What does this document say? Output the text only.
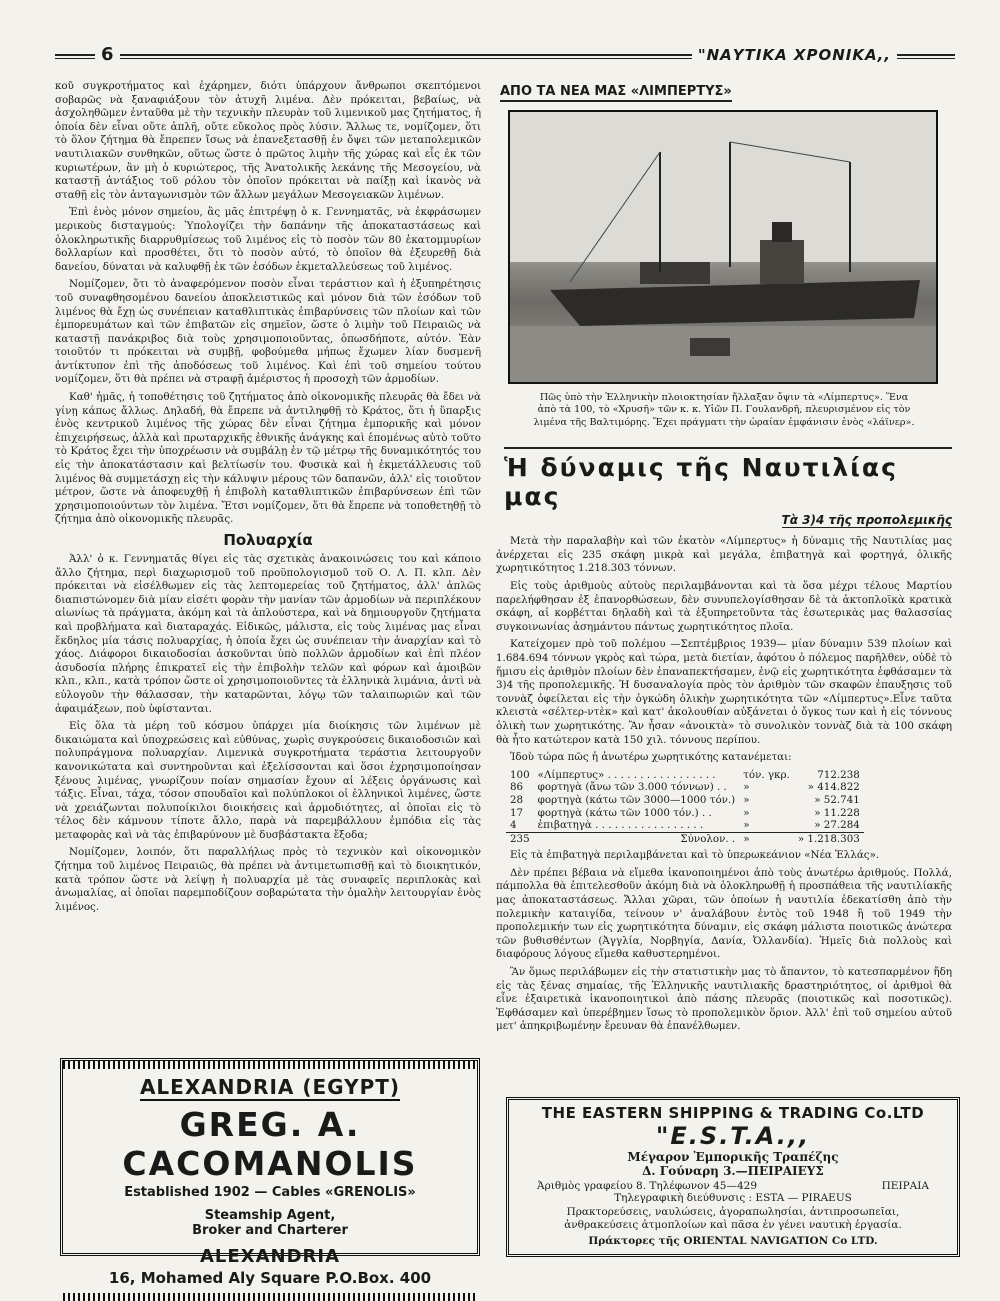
6	"ΝΑΥΤΙΚΑ ΧΡΟΝΙΚΑ,,

κοῦ συγκροτήματος καὶ ἐχάρημεν, διότι ὑπάρχουν ἄνθρωποι σκεπτόμενοι σοβαρῶς νὰ ξαναφιάξουν τὸν ἀτυχῆ λιμένα. Δὲν πρόκειται, βεβαίως, νὰ ἀσχοληθῶμεν ἐνταῦθα μὲ τὴν τεχνικὴν πλευρὰν τοῦ λιμενικοῦ μας ζητήματος, ἡ ὁποία δὲν εἶναι οὔτε ἁπλῆ, οὔτε εὔκολος πρὸς λύσιν. Ἄλλως τε, νομίζομεν, ὅτι τὸ ὅλον ζήτημα θὰ ἔπρεπεν ἴσως νὰ ἐπανεξετασθῇ ἐν ὄψει τῶν μεταπολεμικῶν ναυτιλιακῶν συνθηκῶν, οὕτως ὥστε ὁ πρῶτος λιμὴν τῆς χώρας καὶ εἷς ἐκ τῶν κυριωτέρων, ἂν μὴ ὁ κυριώτερος, τῆς Ἀνατολικῆς λεκάνης τῆς Μεσογείου, νὰ καταστῇ ἀντάξιος τοῦ ρόλου τὸν ὁποῖον πρόκειται νὰ παίξῃ καὶ ἱκανὸς νὰ σταθῇ εἰς τὸν ἀνταγωνισμὸν τῶν ἄλλων μεγάλων Μεσογειακῶν λιμένων.

Ἐπὶ ἑνὸς μόνον σημείου, ἂς μᾶς ἐπιτρέψῃ ὁ κ. Γεννηματᾶς, νὰ ἐκφράσωμεν μερικοὺς δισταγμούς: Ὑπολογίζει τὴν δαπάνην τῆς ἀποκαταστάσεως καὶ ὁλοκληρωτικῆς διαρρυθμίσεως τοῦ λιμένος εἰς τὸ ποσὸν τῶν 80 ἑκατομμυρίων δολλαρίων καὶ προσθέτει, ὅτι τὸ ποσὸν αὐτό, τὸ ὁποῖον θὰ ἐξευρεθῇ διὰ δανείου, δύναται νὰ καλυφθῇ ἐκ τῶν ἐσόδων ἐκμεταλλεύσεως τοῦ λιμένος.

Νομίζομεν, ὅτι τὸ ἀναφερόμενον ποσὸν εἶναι τεράστιον καὶ ἡ ἐξυπηρέτησις τοῦ συναφθησομένου δανείου ἀποκλειστικῶς καὶ μόνον διὰ τῶν ἐσόδων τοῦ λιμένος θὰ ἔχῃ ὡς συνέπειαν καταθλιπτικὰς ἐπιβαρύνσεις τῶν πλοίων καὶ τῶν ἐμπορευμάτων καὶ τῶν ἐπιβατῶν εἰς σημεῖον, ὥστε ὁ λιμὴν τοῦ Πειραιῶς νὰ καταστῇ πανάκριβος διὰ τοὺς χρησιμοποιοῦντας, ὁπωσδήποτε, αὐτόν. Ἐὰν τοιοῦτόν τι πρόκειται νὰ συμβῇ, φοβούμεθα μήπως ἔχωμεν λίαν δυσμενῆ ἀντίκτυπον ἐπὶ τῆς ἀποδόσεως τοῦ λιμένος. Καὶ ἐπὶ τοῦ σημείου τούτου νομίζομεν, ὅτι θὰ πρέπει νὰ στραφῇ ἀμέριστος ἡ προσοχὴ τῶν ἁρμοδίων.

Καθ' ἡμᾶς, ἡ τοποθέτησις τοῦ ζητήματος ἀπὸ οἰκονομικῆς πλευρᾶς θὰ ἔδει νὰ γίνῃ κάπως ἄλλως. Δηλαδή, θὰ ἔπρεπε νὰ ἀντιληφθῇ τὸ Κράτος, ὅτι ἡ ὕπαρξις ἑνὸς κεντρικοῦ λιμένος τῆς χώρας δὲν εἶναι ζήτημα ἐμπορικῆς καὶ μόνον ἐπιχειρήσεως, ἀλλὰ καὶ πρωταρχικῆς ἐθνικῆς ἀνάγκης καὶ ἑπομένως αὐτὸ τοῦτο τὸ Κράτος ἔχει τὴν ὑποχρέωσιν νὰ συμβάλῃ ἐν τῷ μέτρῳ τῆς δυναμικότητός του εἰς τὴν ἀποκατάστασιν καὶ βελτίωσίν του. Φυσικὰ καὶ ἡ ἐκμετάλλευσις τοῦ λιμένος θὰ συμμετάσχῃ εἰς τὴν κάλυψιν μέρους τῶν δαπανῶν, ἀλλ' εἰς τοιοῦτον μέτρον, ὥστε νὰ ἀποφευχθῇ ἡ ἐπιβολὴ καταθλιπτικῶν ἐπιβαρύνσεων ἐπὶ τῶν χρησιμοποιούντων τὸν λιμένα. Ἔτσι νομίζομεν, ὅτι θὰ ἔπρεπε νὰ τοποθετηθῇ τὸ ζήτημα ἀπὸ οἰκονομικῆς πλευρᾶς.

Πολυαρχία

Ἀλλ' ὁ κ. Γεννηματᾶς θίγει εἰς τὰς σχετικὰς ἀνακοινώσεις του καὶ κάποιο ἄλλο ζήτημα, περὶ διαχωρισμοῦ τοῦ προϋπολογισμοῦ τοῦ Ο. Λ. Π. κλπ. Δὲν πρόκειται νὰ εἰσέλθωμεν εἰς τὰς λεπτομερείας τοῦ ζητήματος, ἀλλ' ἁπλῶς διαπιστώνομεν διὰ μίαν εἰσέτι φορὰν τὴν μανίαν τῶν ἁρμοδίων νὰ περιπλέκουν αἰωνίως τὰ πράγματα, ἀκόμη καὶ τὰ ἁπλούστερα, καὶ νὰ δημιουργοῦν ζητήματα καὶ προβλήματα καὶ διαταραχάς. Εἰδικῶς, μάλιστα, εἰς τοὺς λιμένας μας εἶναι ἔκδηλος μία τάσις πολυαρχίας, ἡ ὁποία ἔχει ὡς συνέπειαν τὴν ἀναρχίαν καὶ τὸ χάος. Διάφοροι δικαιοδοσίαι ἀσκοῦνται ὑπὸ πολλῶν ἁρμοδίων καὶ ἐπὶ πλέον ἀσυδοσία πλήρης ἐπικρατεῖ εἰς τὴν ἐπιβολὴν τελῶν καὶ φόρων καὶ ἀμοιβῶν κλπ., κλπ., κατὰ τρόπον ὥστε οἱ χρησιμοποιοῦντες τὰ ἑλληνικὰ λιμάνια, ἀντὶ νὰ εὐλογοῦν τὴν θάλασσαν, τὴν καταρῶνται, λόγῳ τῶν ταλαιπωριῶν καὶ τῶν ἀφαιμάξεων, ποὺ ὑφίστανται.

Εἰς ὅλα τὰ μέρη τοῦ κόσμου ὑπάρχει μία διοίκησις τῶν λιμένων μὲ δικαιώματα καὶ ὑποχρεώσεις καὶ εὐθύνας, χωρὶς συγκρούσεις δικαιοδοσιῶν καὶ πολυπράγμονα πολυαρχίαν. Λιμενικὰ συγκροτήματα τεράστια λειτουργοῦν κανονικώτατα καὶ συντηροῦνται καὶ ἐξελίσσονται καὶ ὅσοι ἐχρησιμοποίησαν ξένους λιμένας, γνωρίζουν ποίαν σημασίαν ἔχουν αἱ λέξεις ὀργάνωσις καὶ τάξις. Εἶναι, τάχα, τόσον σπουδαῖοι καὶ πολύπλοκοι οἱ ἑλληνικοὶ λιμένες, ὥστε νὰ χρειάζωνται πολυποίκιλοι διοικήσεις καὶ ἁρμοδιότητες, αἱ ὁποῖαι εἰς τὸ τέλος δὲν κάμνουν τίποτε ἄλλο, παρὰ νὰ παρεμβάλλουν ἐμπόδια εἰς τὰς μεταφορὰς καὶ νὰ τὰς ἐπιβαρύνουν μὲ δυσβάστακτα ἔξοδα;

Νομίζομεν, λοιπόν, ὅτι παραλλήλως πρὸς τὸ τεχνικὸν καὶ οἰκονομικὸν ζήτημα τοῦ λιμένος Πειραιῶς, θὰ πρέπει νὰ ἀντιμετωπισθῇ καὶ τὸ διοικητικόν, κατὰ τρόπον ὥστε νὰ λείψῃ ἡ πολυαρχία μὲ τὰς συναφεῖς περιπλοκὰς καὶ ἀνωμαλίας, αἱ ὁποῖαι παρεμποδίζουν σοβαρώτατα τὴν ὁμαλὴν λειτουργίαν ἑνὸς λιμένος.

ΑΠΟ ΤΑ ΝΕΑ ΜΑΣ «ΛΙΜΠΕΡΤΥΣ»
Πῶς ὑπὸ τὴν Ἑλληνικὴν πλοιοκτησίαν ἤλλαξαν ὄψιν τὰ «Λίμπερτυς». Ἕνα ἀπὸ τὰ 100, τὸ «Χρυσῆ» τῶν κ. κ. Υἱῶν Π. Γουλανδρῆ, πλευρισμένον εἰς τὸν λιμένα τῆς Βαλτιμόρης. Ἔχει πράγματι τὴν ὡραίαν ἐμφάνισιν ἑνὸς «λάϊνερ».
Ἡ δύναμις τῆς Ναυτιλίας μας
Τὰ 3)4 τῆς προπολεμικῆς

Μετὰ τὴν παραλαβὴν καὶ τῶν ἑκατὸν «Λίμπερτυς» ἡ δύναμις τῆς Ναυτιλίας μας ἀνέρχεται εἰς 235 σκάφη μικρὰ καὶ μεγάλα, ἐπιβατηγὰ καὶ φορτηγά, ὁλικῆς χωρητικότητος 1.218.303 τόννων.

Εἰς τοὺς ἀριθμοὺς αὐτοὺς περιλαμβάνονται καὶ τὰ ὅσα μέχρι τέλους Μαρτίου παρελήφθησαν ἐξ ἐπανορθώσεων, δὲν συνυπελογίσθησαν δὲ τὰ ἀκτοπλοϊκὰ κρατικὰ σκάφη, αἱ κορβέτται δηλαδὴ καὶ τὰ ἐξυπηρετοῦντα τὰς ἐσωτερικὰς μας θαλασσίας συγκοινωνίας ἀσημάντου πάντως χωρητικότητος πλοῖα.

Κατείχομεν πρὸ τοῦ πολέμου —Σεπτέμβριος 1939— μίαν δύναμιν 539 πλοίων καὶ 1.684.694 τόννων γκρὸς καὶ τώρα, μετὰ διετίαν, ἀφότου ὁ πόλεμος παρῆλθεν, οὐδὲ τὸ ἥμισυ εἰς ἀριθμὸν πλοίων δὲν ἐπαναπεκτήσαμεν, ἐνῷ εἰς χωρητικότητα ἐφθάσαμεν τὰ 3)4 τῆς προπολεμικῆς. Ἡ δυσαναλογία πρὸς τὸν ἀριθμὸν τῶν σκαφῶν ἐπαυξησις τοῦ τοννὰζ ὀφείλεται εἰς τὴν ὀγκώδη ὁλικὴν χωρητικότητα τῶν «Λίμπερτυς».Εἶνε ταῦτα κλειστὰ «σέλτερ-ντὲκ» καὶ κατ' ἀκολουθίαν αὐξάνεται ὁ ὄγκος των καὶ ἡ εἰς τόννους ὁλικὴ των χωρητικότης. Ἂν ἦσαν «ἀνοικτὰ» τὸ συνολικὸν τοννὰζ διὰ τὰ 100 σκάφη θὰ ἦτο κατώτερον κατὰ 150 χιλ. τόννους περίπου.

Ἰδοὺ τώρα πῶς ἡ ἀνωτέρω χωρητικότης κατανέμεται:

100	«Λίμπερτυς» . . . . . . . . . . . . . . . . .	τόν. γκρ.	712.238
86	φορτηγὰ (ἄνω τῶν 3.000 τόννων) . .	»	» 414.822
28	φορτηγὰ (κάτω τῶν 3000—1000 τόν.)	»	» 52.741
17	φορτηγὰ (κάτω τῶν 1000 τόν.) . .	»	» 11.228
4	ἐπιβατηγὰ . . . . . . . . . . . . . . . . .	»	» 27.284
235	Σύνολον. .	»	» 1.218.303

Εἰς τὰ ἐπιβατηγὰ περιλαμβάνεται καὶ τὸ ὑπερωκεάνιον «Νέα Ἑλλάς».

Δὲν πρέπει βέβαια νὰ εἴμεθα ἱκανοποιημένοι ἀπὸ τοὺς ἀνωτέρω ἀριθμούς. Πολλά, πάμπολλα θὰ ἐπιτελεσθοῦν ἀκόμη διὰ νὰ ὁλοκληρωθῇ ἡ προσπάθεια τῆς ναυτιλίακῆς μας ἀποκαταστάσεως. Ἄλλαι χῶραι, τῶν ὁποίων ἡ ναυτιλία ἐδεκατίσθη ἀπὸ τὴν πολεμικὴν καταιγίδα, τείνουν ν' ἀναλάβουν ἐντὸς τοῦ 1948 ἢ τοῦ 1949 τὴν προπολεμικήν των εἰς χωρητικότητα δύναμιν, εἰς σκάφη μάλιστα ποιοτικῶς ἀνώτερα τῶν βυθισθέντων (Ἀγγλία, Νορβηγία, Δανία, Ὀλλανδία). Ἡμεῖς διὰ πολλοὺς καὶ διαφόρους λόγους εἴμεθα καθυστερημένοι.

Ἂν ὅμως περιλάβωμεν εἰς τὴν στατιστικὴν μας τὸ ἄπαντον, τὸ κατεσπαρμένον ἤδη εἰς τὰς ξένας σημαίας, τῆς Ἑλληνικῆς ναυτιλιακῆς δραστηριότητος, οἱ ἀριθμοὶ θὰ εἶνε ἐξαιρετικὰ ἱκανοποιητικοὶ ἀπὸ πάσης πλευρᾶς (ποιοτικῶς καὶ ποσοτικῶς). Ἐφθάσαμεν καὶ ὑπερέβημεν ἴσως τὸ προπολεμικὸν ὅριον. Ἀλλ' ἐπὶ τοῦ σημείου αὐτοῦ μετ' ἀπηκριβωμένην ἔρευναν θὰ ἐπανέλθωμεν.

ALEXANDRIA (EGYPT)
GREG. A. CACOMANOLIS
Established 1902 — Cables «GRENOLIS»
Steamship Agent,
Broker and Charterer
ALEXANDRIA
16, Mohamed Aly Square P.O.Box. 400
THE EASTERN SHIPPING & TRADING Co.LTD
"E.S.T.A.,,
Μέγαρον Ἐμπορικῆς Τραπέζης
Δ. Γούναρη 3.—ΠΕΙΡΑΙΕΥΣ
Ἀριθμὸς γραφείου 8. Τηλέφωνον 45—429	ΠΕΙΡΑΙΑ
Τηλεγραφικὴ διεύθυνσις : ESTA — PIRAEUS
Πρακτορεύσεις, ναυλώσεις, ἀγοραπωλησίαι, ἀντιπροσωπεῖαι, ἀνθρακεύσεις ἀτμοπλοίων καὶ πᾶσα ἐν γένει ναυτικὴ ἐργασία.
Πράκτορες τῆς ORIENTAL NAVIGATION Co LTD.
